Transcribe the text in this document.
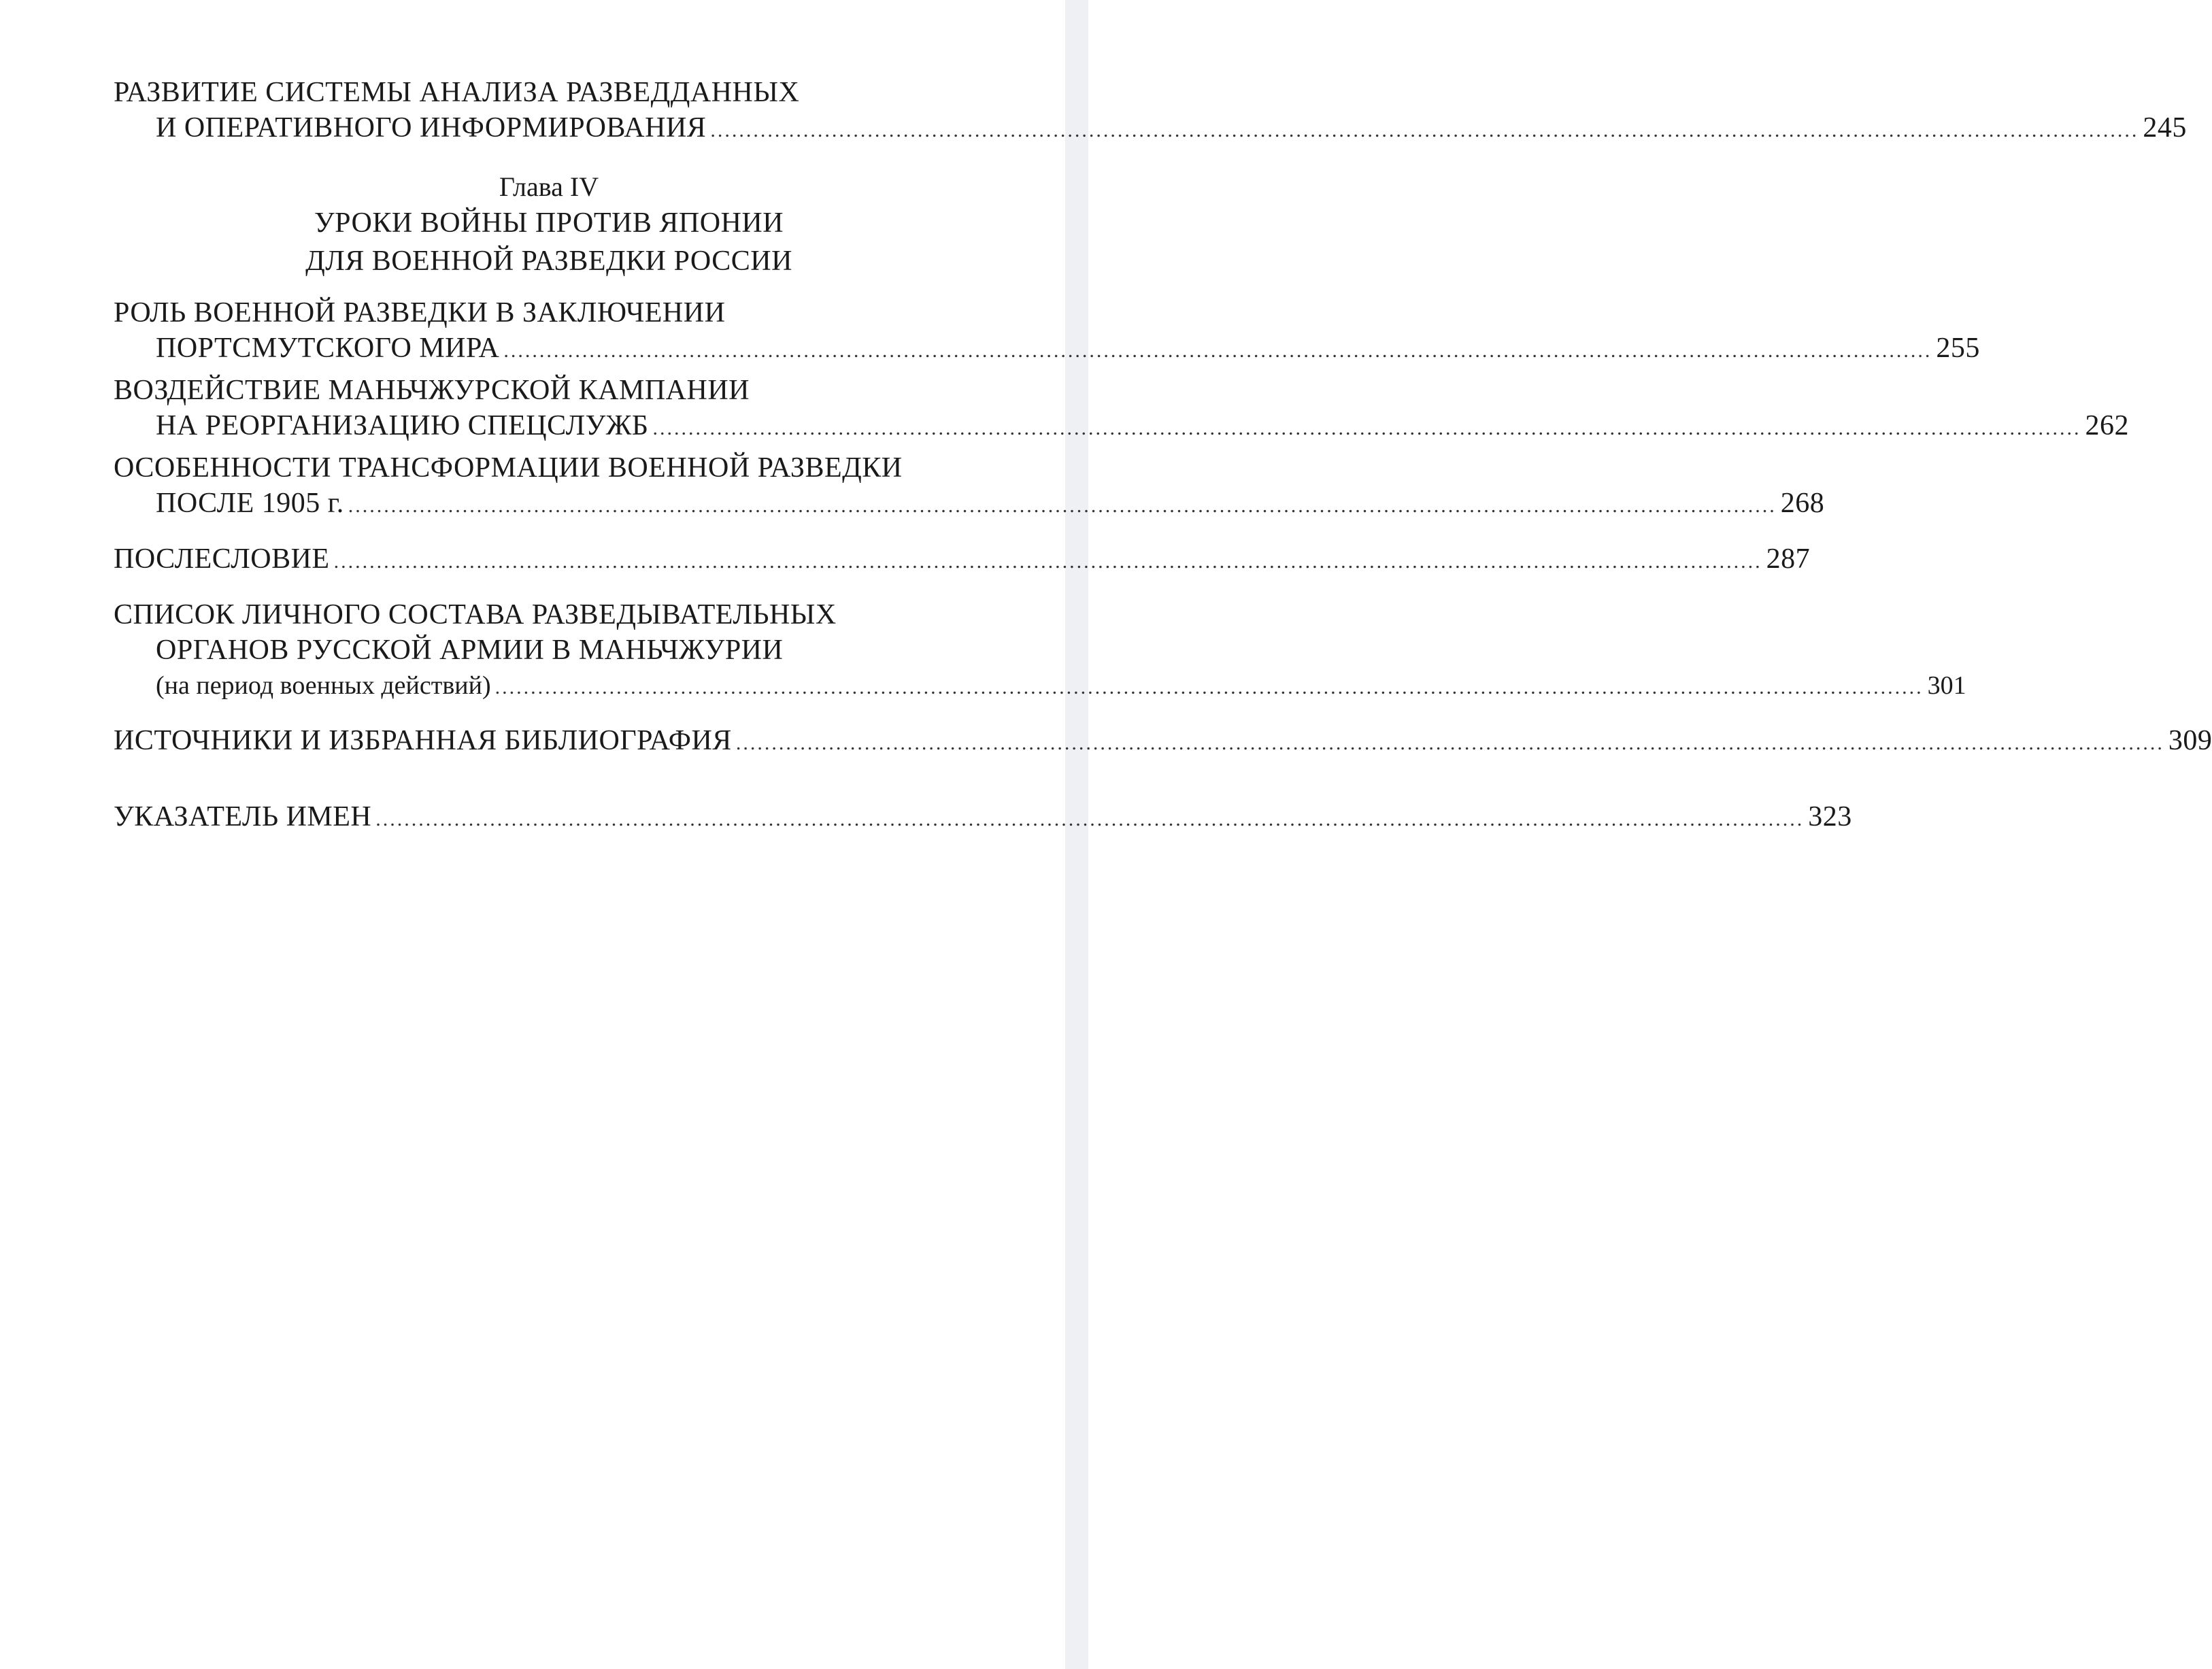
РАЗВИТИЕ СИСТЕМЫ АНАЛИЗА РАЗВЕДДАННЫХ
И ОПЕРАТИВНОГО ИНФОРМИРОВАНИЯ ........................................................................................................................................................................................................ 245
Глава IV
УРОКИ ВОЙНЫ ПРОТИВ ЯПОНИИ
ДЛЯ ВОЕННОЙ РАЗВЕДКИ РОССИИ
РОЛЬ ВОЕННОЙ РАЗВЕДКИ В ЗАКЛЮЧЕНИИ
ПОРТСМУТСКОГО МИРА ........................................................................................................................................................................................................ 255
ВОЗДЕЙСТВИЕ МАНЬЧЖУРСКОЙ КАМПАНИИ
НА РЕОРГАНИЗАЦИЮ СПЕЦСЛУЖБ ........................................................................................................................................................................................................ 262
ОСОБЕННОСТИ ТРАНСФОРМАЦИИ ВОЕННОЙ РАЗВЕДКИ
ПОСЛЕ 1905 г. ........................................................................................................................................................................................................ 268
ПОСЛЕСЛОВИЕ ........................................................................................................................................................................................................ 287
СПИСОК ЛИЧНОГО СОСТАВА РАЗВЕДЫВАТЕЛЬНЫХ
ОРГАНОВ РУССКОЙ АРМИИ В МАНЬЧЖУРИИ
(на период военных действий) ........................................................................................................................................................................................................ 301
ИСТОЧНИКИ И ИЗБРАННАЯ БИБЛИОГРАФИЯ ........................................................................................................................................................................................................ 309
УКАЗАТЕЛЬ ИМЕН ........................................................................................................................................................................................................ 323
